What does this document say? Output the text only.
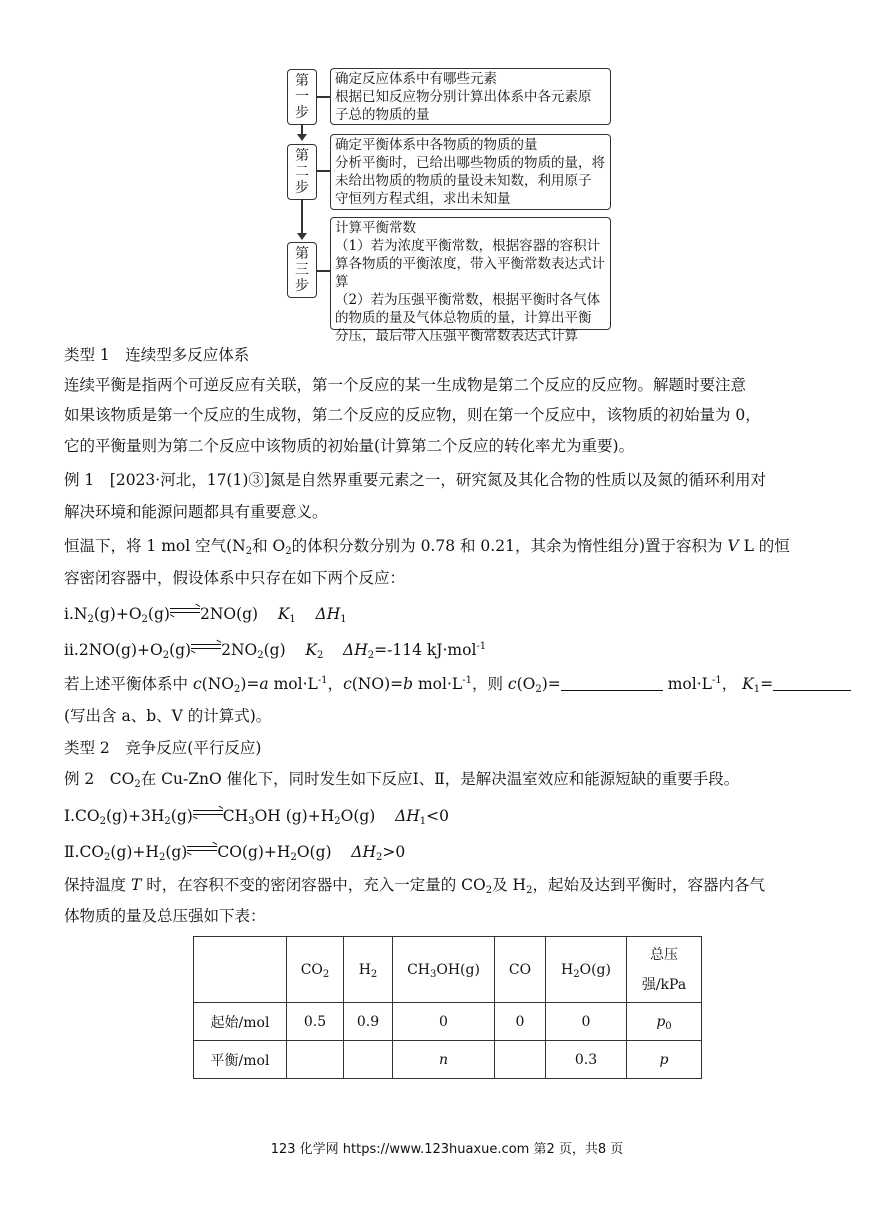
第
一
步
确定反应体系中有哪些元素
根据已知反应物分别计算出体系中各元素原
子总的物质的量
第
二
步
确定平衡体系中各物质的物质的量
分析平衡时，已给出哪些物质的物质的量，将
未给出物质的物质的量设未知数，利用原子
守恒列方程式组，求出未知量
第
三
步
计算平衡常数
（1）若为浓度平衡常数，根据容器的容积计
算各物质的平衡浓度，带入平衡常数表达式计算
（2）若为压强平衡常数，根据平衡时各气体
的物质的量及气体总物质的量，计算出平衡
分压，最后带入压强平衡常数表达式计算
类型 1　连续型多反应体系
连续平衡是指两个可逆反应有关联，第一个反应的某一生成物是第二个反应的反应物。解题时要注意
如果该物质是第一个反应的生成物，第二个反应的反应物，则在第一个反应中，该物质的初始量为 0，
它的平衡量则为第二个反应中该物质的初始量(计算第二个反应的转化率尤为重要)。
例 1　[2023·河北，17(1)③]氮是自然界重要元素之一，研究氮及其化合物的性质以及氮的循环利用对
解决环境和能源问题都具有重要意义。
恒温下，将 1 mol 空气($N_2$和 $O_2$的体积分数分别为 0.78 和 0.21，其余为惰性组分)置于容积为 V L 的恒
容密闭容器中，假设体系中只存在如下两个反应：
$ⅰ.N_2(g)+O_2(g)$ 2NO(g) $K_1$ $\Delta H_1$
$ⅱ.2NO(g)+O_2(g)$ $2NO_2(g)$ $K_2$ $\Delta H_2=-114$ kJ·mol$^{-1}$
若上述平衡体系中 $c(NO_2)=a$ $mol\cdot L^{-1}$，c(NO)=b $mol\cdot L^{-1}$，则 $c(O_2)=$	$mol\cdot L^{-1}$， $K_1=$
(写出含 a、b、V 的计算式)。
类型 2　竞争反应(平行反应)
例 2　$CO_2$在 Cu-ZnO 催化下，同时发生如下反应Ⅰ、Ⅱ，是解决温室效应和能源短缺的重要手段。
$Ⅰ.CO_2(g)+3H_2(g)$ $CH_3OH$ $(g)+H_2O(g)$ $\Delta H_1<0$
$Ⅱ.CO_2(g)+H_2(g)$ $CO(g)+H_2O(g)$ $\Delta H_2>0$
保持温度 T 时，在容积不变的密闭容器中，充入一定量的 $CO_2$及 $H_2$，起始及达到平衡时，容器内各气
体物质的量及总压强如下表：
	$CO_2$	$H_2$	$CH_3OH(g)$	CO	$H_2O(g)$	总压
强/kPa
起始/mol	0.5	0.9	0	0	0	$p_0$
平衡/mol			n		0.3	p
123 化学网 https://www.123huaxue.com 第2 页，共8 页
